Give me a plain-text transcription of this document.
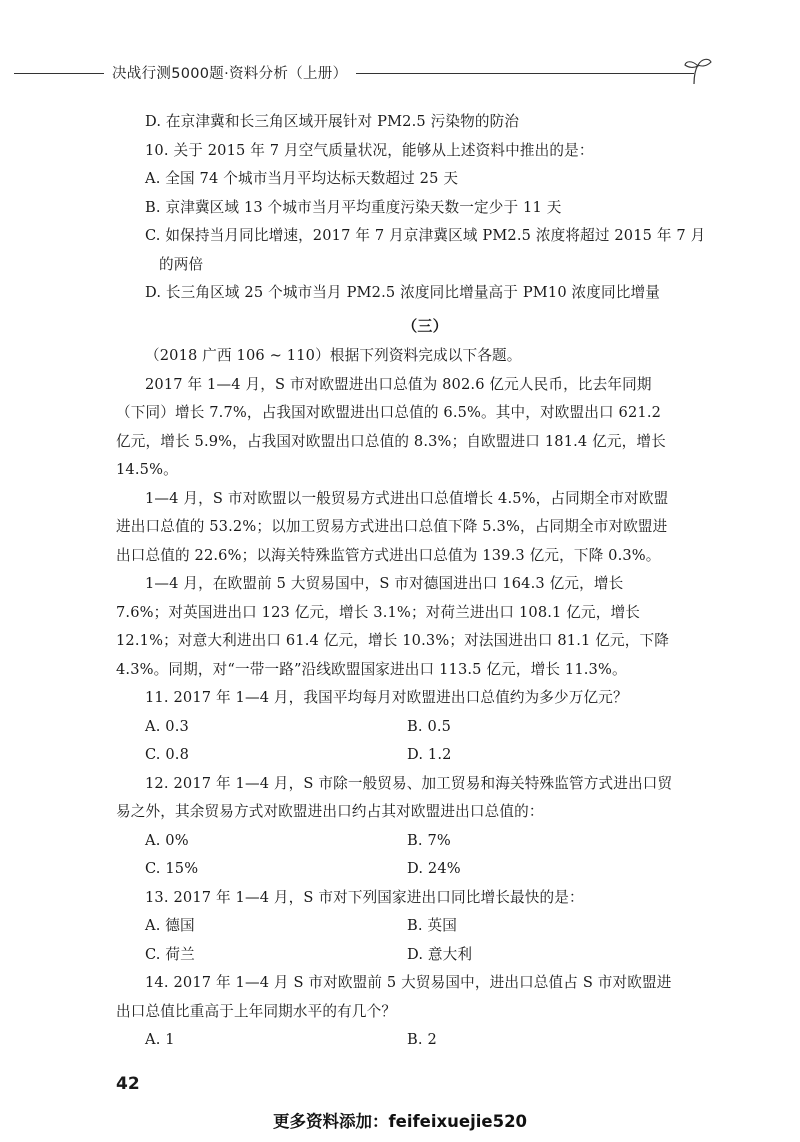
决战行测5000题·资料分析（上册）

D. 在京津冀和长三角区域开展针对 PM2.5 污染物的防治

10. 关于 2015 年 7 月空气质量状况，能够从上述资料中推出的是：

A. 全国 74 个城市当月平均达标天数超过 25 天

B. 京津冀区域 13 个城市当月平均重度污染天数一定少于 11 天

C. 如保持当月同比增速，2017 年 7 月京津冀区域 PM2.5 浓度将超过 2015 年 7 月

的两倍

D. 长三角区域 25 个城市当月 PM2.5 浓度同比增量高于 PM10 浓度同比增量

（三）

（2018 广西 106 ~ 110）根据下列资料完成以下各题。

2017 年 1—4 月，S 市对欧盟进出口总值为 802.6 亿元人民币，比去年同期（下同）增长 7.7%，占我国对欧盟进出口总值的 6.5%。其中，对欧盟出口 621.2 亿元，增长 5.9%，占我国对欧盟出口总值的 8.3%；自欧盟进口 181.4 亿元，增长 14.5%。

1—4 月，S 市对欧盟以一般贸易方式进出口总值增长 4.5%，占同期全市对欧盟进出口总值的 53.2%；以加工贸易方式进出口总值下降 5.3%，占同期全市对欧盟进出口总值的 22.6%；以海关特殊监管方式进出口总值为 139.3 亿元，下降 0.3%。

1—4 月，在欧盟前 5 大贸易国中，S 市对德国进出口 164.3 亿元，增长 7.6%；对英国进出口 123 亿元，增长 3.1%；对荷兰进出口 108.1 亿元，增长 12.1%；对意大利进出口 61.4 亿元，增长 10.3%；对法国进出口 81.1 亿元，下降 4.3%。同期，对“一带一路”沿线欧盟国家进出口 113.5 亿元，增长 11.3%。

11. 2017 年 1—4 月，我国平均每月对欧盟进出口总值约为多少万亿元？

A. 0.3	B. 0.5
C. 0.8	D. 1.2

12. 2017 年 1—4 月，S 市除一般贸易、加工贸易和海关特殊监管方式进出口贸易之外，其余贸易方式对欧盟进出口约占其对欧盟进出口总值的：

A. 0%	B. 7%
C. 15%	D. 24%

13. 2017 年 1—4 月，S 市对下列国家进出口同比增长最快的是：

A. 德国	B. 英国
C. 荷兰	D. 意大利

14. 2017 年 1—4 月 S 市对欧盟前 5 大贸易国中，进出口总值占 S 市对欧盟进出口总值比重高于上年同期水平的有几个？

A. 1	B. 2
42
更多资料添加：feifeixuejie520
